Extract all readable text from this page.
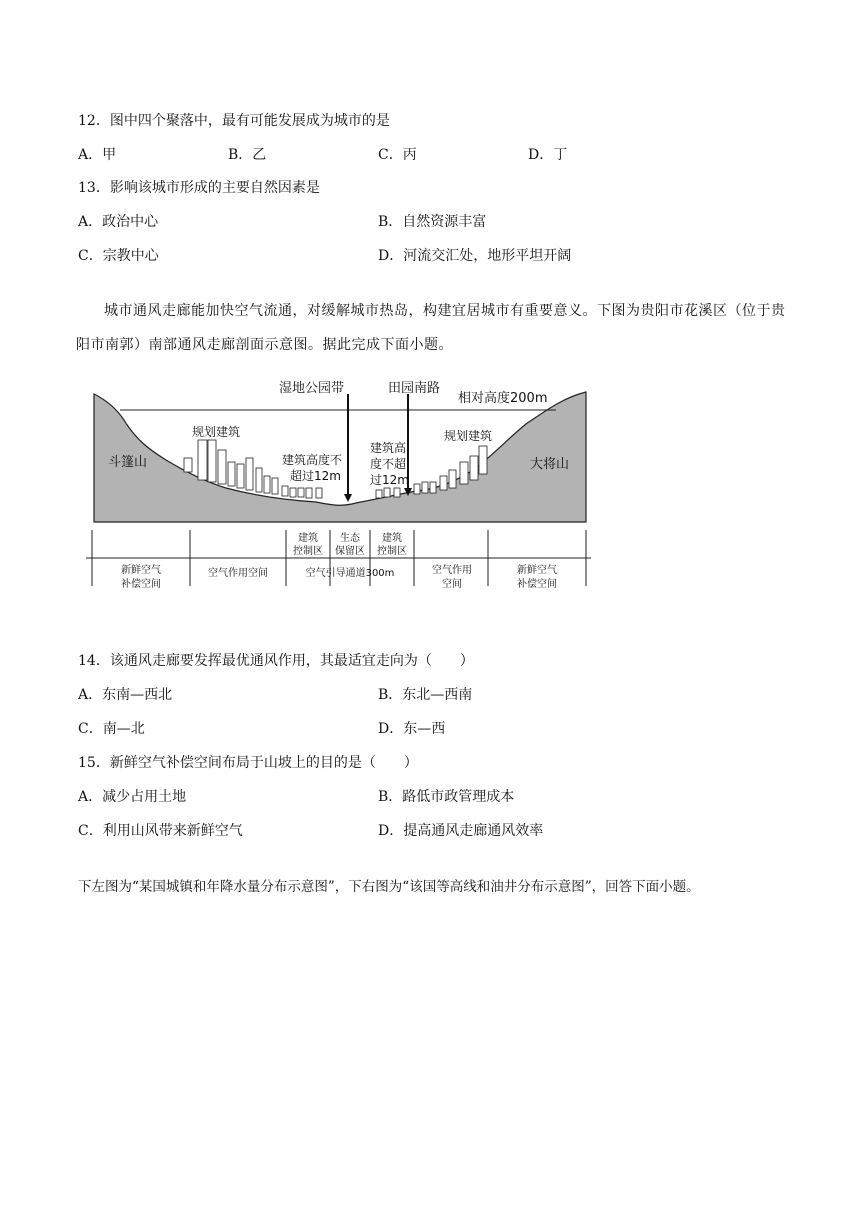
12．图中四个聚落中，最有可能发展成为城市的是
A．甲	B．乙	C．丙	D．丁
13．影响该城市形成的主要自然因素是
A．政治中心	B．自然资源丰富
C．宗教中心	D．河流交汇处，地形平坦开阔
城市通风走廊能加快空气流通，对缓解城市热岛，构建宜居城市有重要意义。下图为贵阳市花溪区（位于贵阳市南郭）南部通风走廊剖面示意图。据此完成下面小题。
湿地公园带	田园南路
相对高度200m
规划建筑	规划建筑
斗篷山	大将山
建筑高度不
超过12m
建筑高
度不超
过12m
建筑
控制区
生态
保留区
建筑
控制区
新鲜空气
补偿空间
空气作用空间	空气引导通道300m	空气作用
空间
新鲜空气
补偿空间
14．该通风走廊要发挥最优通风作用，其最适宜走向为（　　）
A．东南—西北	B．东北—西南
C．南—北	D．东—西
15．新鲜空气补偿空间布局于山坡上的目的是（　　）
A．减少占用土地	B．路低市政管理成本
C．利用山风带来新鲜空气	D．提高通风走廊通风效率
下左图为“某国城镇和年降水量分布示意图”，下右图为“该国等高线和油井分布示意图”，回答下面小题。
